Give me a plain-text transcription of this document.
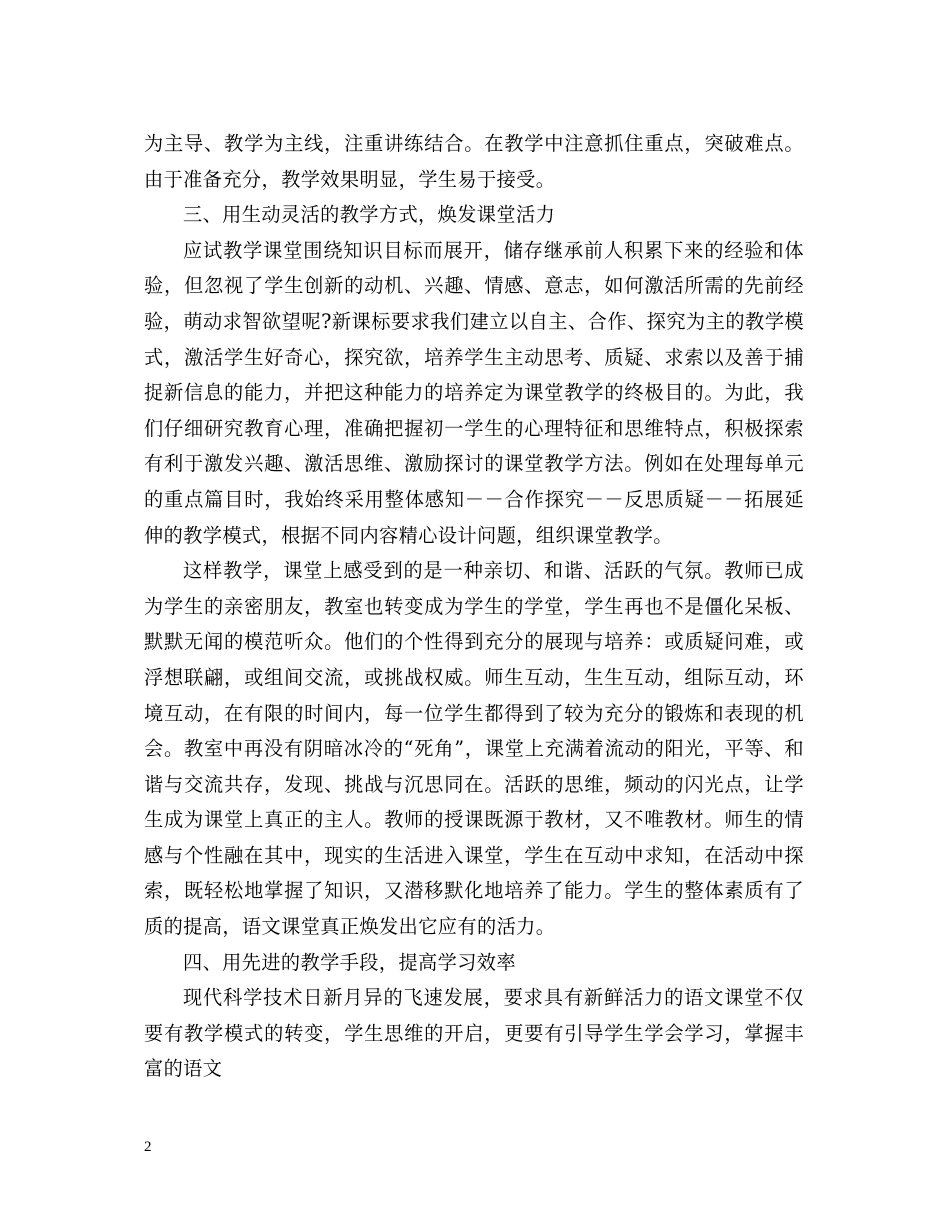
为主导、教学为主线，注重讲练结合。在教学中注意抓住重点，突破难点。由于准备充分，教学效果明显，学生易于接受。

三、用生动灵活的教学方式，焕发课堂活力

应试教学课堂围绕知识目标而展开，储存继承前人积累下来的经验和体验，但忽视了学生创新的动机、兴趣、情感、意志，如何激活所需的先前经验，萌动求智欲望呢?新课标要求我们建立以自主、合作、探究为主的教学模式，激活学生好奇心，探究欲，培养学生主动思考、质疑、求索以及善于捕捉新信息的能力，并把这种能力的培养定为课堂教学的终极目的。为此，我们仔细研究教育心理，准确把握初一学生的心理特征和思维特点，积极探索有利于激发兴趣、激活思维、激励探讨的课堂教学方法。例如在处理每单元的重点篇目时，我始终采用整体感知－－合作探究－－反思质疑－－拓展延伸的教学模式，根据不同内容精心设计问题，组织课堂教学。

这样教学，课堂上感受到的是一种亲切、和谐、活跃的气氛。教师已成为学生的亲密朋友，教室也转变成为学生的学堂，学生再也不是僵化呆板、默默无闻的模范听众。他们的个性得到充分的展现与培养：或质疑问难，或浮想联翩，或组间交流，或挑战权威。师生互动，生生互动，组际互动，环境互动，在有限的时间内，每一位学生都得到了较为充分的锻炼和表现的机会。教室中再没有阴暗冰冷的“死角”，课堂上充满着流动的阳光，平等、和谐与交流共存，发现、挑战与沉思同在。活跃的思维，频动的闪光点，让学生成为课堂上真正的主人。教师的授课既源于教材，又不唯教材。师生的情感与个性融在其中，现实的生活进入课堂，学生在互动中求知，在活动中探索，既轻松地掌握了知识，又潜移默化地培养了能力。学生的整体素质有了质的提高，语文课堂真正焕发出它应有的活力。

四、用先进的教学手段，提高学习效率

现代科学技术日新月异的飞速发展，要求具有新鲜活力的语文课堂不仅要有教学模式的转变，学生思维的开启，更要有引导学生学会学习，掌握丰富的语文

2
